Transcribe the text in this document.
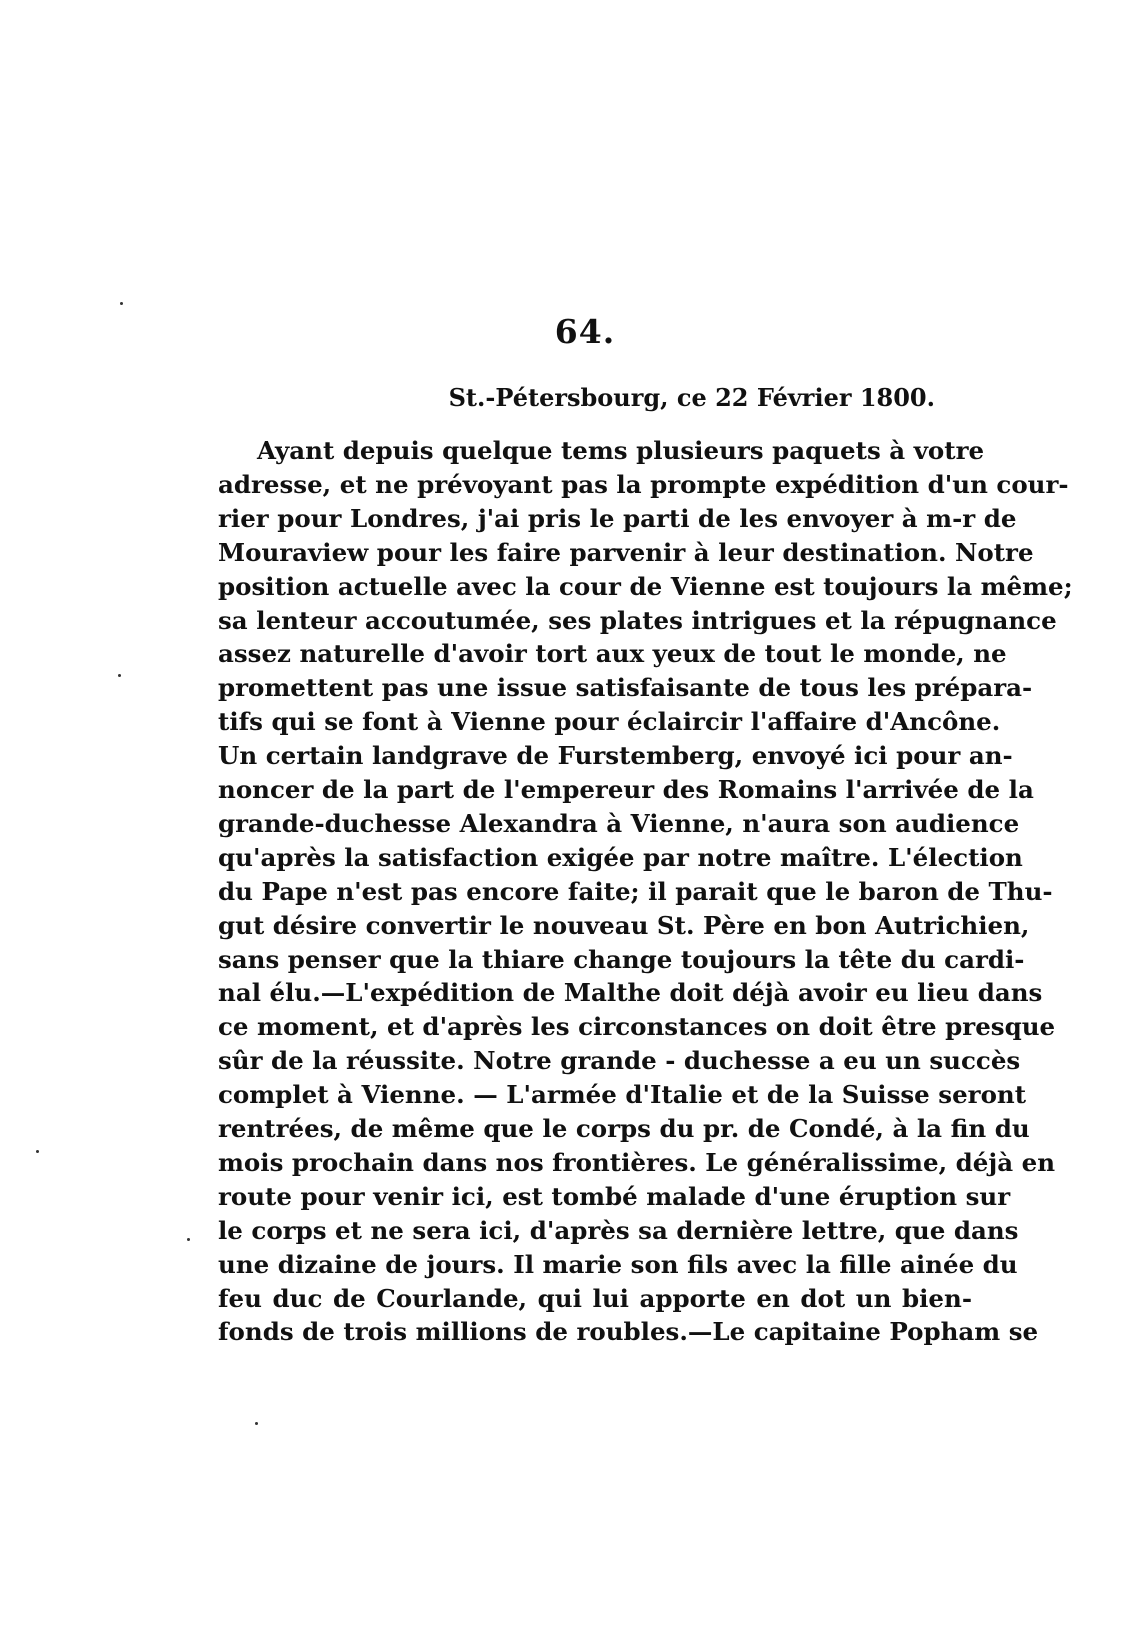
64.
St.-Pétersbourg, ce 22 Février 1800.
Ayant depuis quelque tems plusieurs paquets à votre
adresse, et ne prévoyant pas la prompte expédition d'un cour-
rier pour Londres, j'ai pris le parti de les envoyer à m-r de
Mouraview pour les faire parvenir à leur destination. Notre
position actuelle avec la cour de Vienne est toujours la même;
sa lenteur accoutumée, ses plates intrigues et la répugnance
assez naturelle d'avoir tort aux yeux de tout le monde, ne
promettent pas une issue satisfaisante de tous les prépara-
tifs qui se font à Vienne pour éclaircir l'affaire d'Ancône.
Un certain landgrave de Furstemberg, envoyé ici pour an-
noncer de la part de l'empereur des Romains l'arrivée de la
grande-duchesse Alexandra à Vienne, n'aura son audience
qu'après la satisfaction exigée par notre maître. L'élection
du Pape n'est pas encore faite; il parait que le baron de Thu-
gut désire convertir le nouveau St. Père en bon Autrichien,
sans penser que la thiare change toujours la tête du cardi-
nal élu.—L'expédition de Malthe doit déjà avoir eu lieu dans
ce moment, et d'après les circonstances on doit être presque
sûr de la réussite. Notre grande - duchesse a eu un succès
complet à Vienne. — L'armée d'Italie et de la Suisse seront
rentrées, de même que le corps du pr. de Condé, à la fin du
mois prochain dans nos frontières. Le généralissime, déjà en
route pour venir ici, est tombé malade d'une éruption sur
le corps et ne sera ici, d'après sa dernière lettre, que dans
une dizaine de jours. Il marie son fils avec la fille ainée du
feu duc de Courlande, qui lui apporte en dot un bien-
fonds de trois millions de roubles.—Le capitaine Popham se
